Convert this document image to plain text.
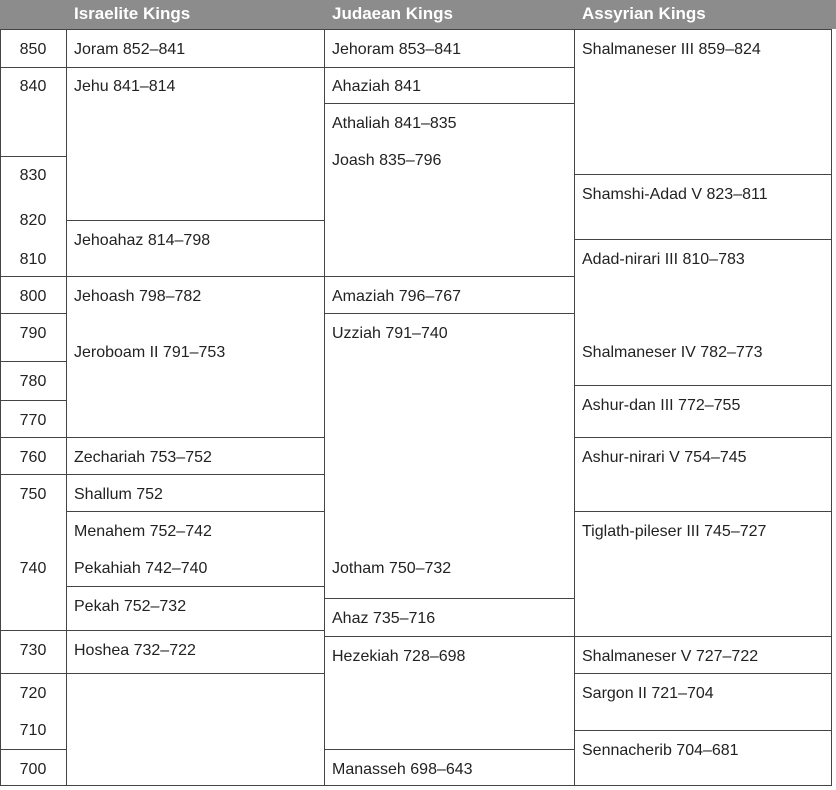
Israelite Kings	Judaean Kings	Assyrian Kings
850
840
830
820
810
800
790
780
770
760
750
740
730
720
710
700
Joram 852–841
Jehu 841–814
Jehoahaz 814–798
Jehoash 798–782
Jeroboam II 791–753
Zechariah 753–752
Shallum 752
Menahem 752–742
Pekahiah 742–740
Pekah 752–732
Hoshea 732–722
Jehoram 853–841
Ahaziah 841
Athaliah 841–835
Joash 835–796
Amaziah 796–767
Uzziah 791–740
Jotham 750–732
Ahaz 735–716
Hezekiah 728–698
Manasseh 698–643
Shalmaneser III 859–824
Shamshi-Adad V 823–811
Adad-nirari III 810–783
Shalmaneser IV 782–773
Ashur-dan III 772–755
Ashur-nirari V 754–745
Tiglath-pileser III 745–727
Shalmaneser V 727–722
Sargon II 721–704
Sennacherib 704–681
